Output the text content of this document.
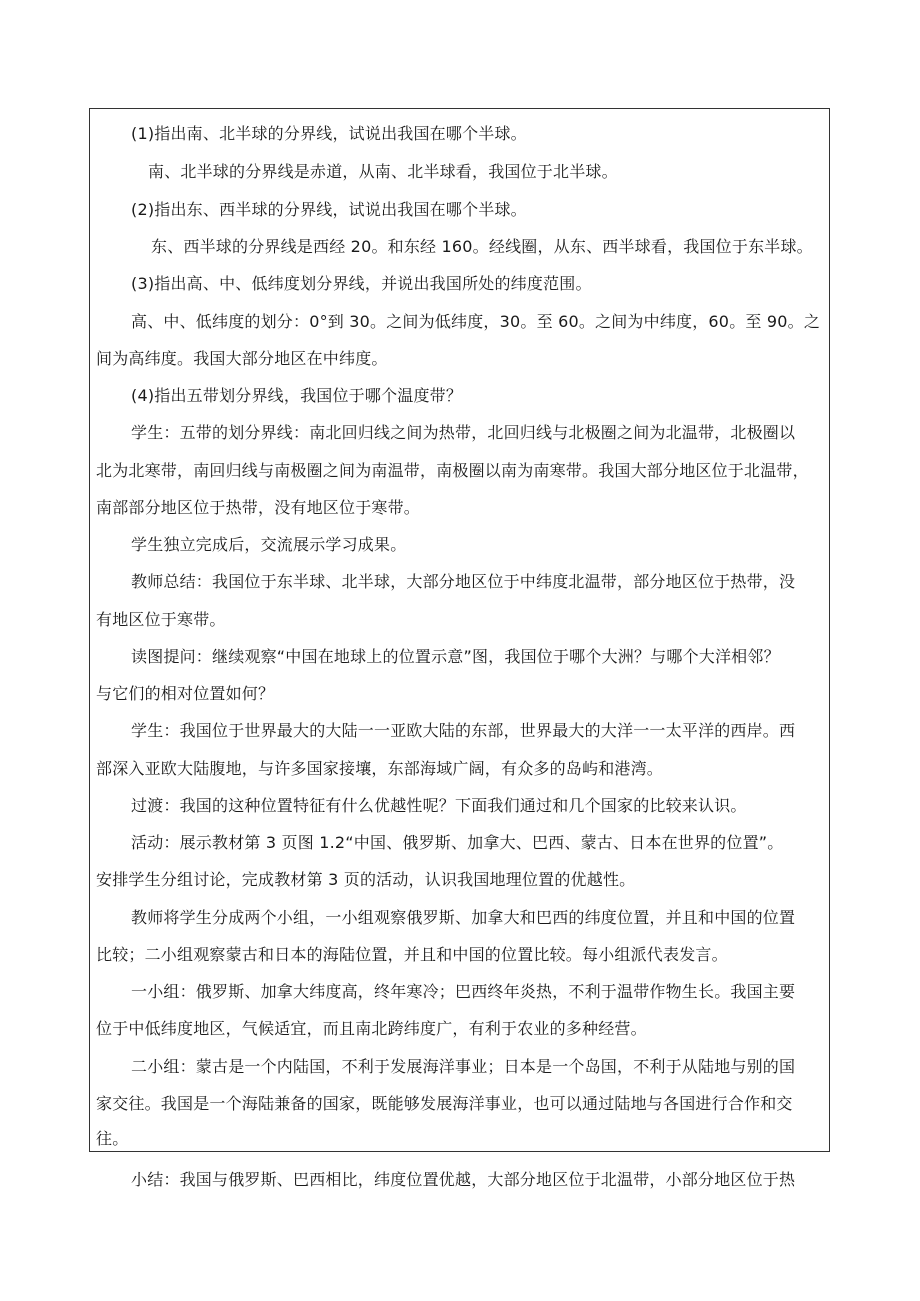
(1)指出南、北半球的分界线，试说出我国在哪个半球。
南、北半球的分界线是赤道，从南、北半球看，我国位于北半球。
(2)指出东、西半球的分界线，试说出我国在哪个半球。
东、西半球的分界线是西经 20。和东经 160。经线圈，从东、西半球看，我国位于东半球。
(3)指出高、中、低纬度划分界线，并说出我国所处的纬度范围。
高、中、低纬度的划分：0°到 30。之间为低纬度，30。至 60。之间为中纬度，60。至 90。之
间为高纬度。我国大部分地区在中纬度。
(4)指出五带划分界线，我国位于哪个温度带？
学生：五带的划分界线：南北回归线之间为热带，北回归线与北极圈之间为北温带，北极圈以
北为北寒带，南回归线与南极圈之间为南温带，南极圈以南为南寒带。我国大部分地区位于北温带，
南部部分地区位于热带，没有地区位于寒带。
学生独立完成后，交流展示学习成果。
教师总结：我国位于东半球、北半球，大部分地区位于中纬度北温带，部分地区位于热带，没
有地区位于寒带。
读图提问：继续观察“中国在地球上的位置示意”图，我国位于哪个大洲？与哪个大洋相邻？
与它们的相对位置如何？
学生：我国位于世界最大的大陆一一亚欧大陆的东部，世界最大的大洋一一太平洋的西岸。西
部深入亚欧大陆腹地，与许多国家接壤，东部海域广阔，有众多的岛屿和港湾。
过渡：我国的这种位置特征有什么优越性呢？下面我们通过和几个国家的比较来认识。
活动：展示教材第 3 页图 1.2“中国、俄罗斯、加拿大、巴西、蒙古、日本在世界的位置”。
安排学生分组讨论，完成教材第 3 页的活动，认识我国地理位置的优越性。
教师将学生分成两个小组，一小组观察俄罗斯、加拿大和巴西的纬度位置，并且和中国的位置
比较；二小组观察蒙古和日本的海陆位置，并且和中国的位置比较。每小组派代表发言。
一小组：俄罗斯、加拿大纬度高，终年寒冷；巴西终年炎热，不利于温带作物生长。我国主要
位于中低纬度地区，气候适宜，而且南北跨纬度广，有利于农业的多种经营。
二小组：蒙古是一个内陆国，不利于发展海洋事业；日本是一个岛国，不利于从陆地与别的国
家交往。我国是一个海陆兼备的国家，既能够发展海洋事业，也可以通过陆地与各国进行合作和交
往。
小结：我国与俄罗斯、巴西相比，纬度位置优越，大部分地区位于北温带，小部分地区位于热
